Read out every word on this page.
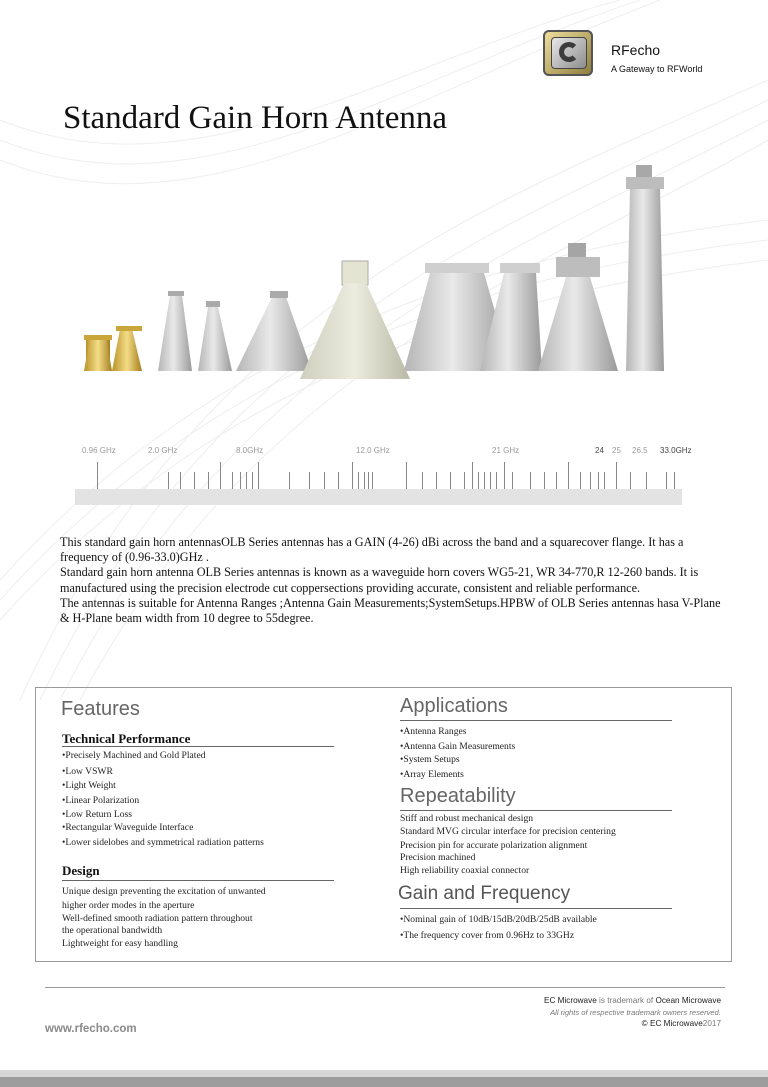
RFecho
A Gateway to RFWorld
Standard Gain Horn Antenna
0.96 GHz	2.0 GHz	8.0GHz	12.0 GHz	21 GHz	24 25 26.5 33.0GHz

This standard gain horn antennasOLB Series antennas has a GAIN (4-26) dBi across the band and a squarecover flange. It has a frequency of (0.96-33.0)GHz .

Standard gain horn antenna OLB Series antennas is known as a waveguide horn covers WG5-21, WR 34-770,R 12-260 bands. It is manufactured using the precision electrode cut coppersections providing accurate, consistent and reliable performance.

The antennas is suitable for Antenna Ranges ;Antenna Gain Measurements;SystemSetups.HPBW of OLB Series antennas hasa V-Plane & H-Plane beam width from 10 degree to 55degree.

Features
Technical Performance
•Precisely Machined and Gold Plated
•Low VSWR
•Light Weight
•Linear Polarization
•Low Return Loss
•Rectangular Waveguide Interface
•Lower sidelobes and symmetrical radiation patterns
Design
Unique design preventing the excitation of unwanted
higher order modes in the aperture
Well-defined smooth radiation pattern throughout
the operational bandwidth
Lightweight for easy handling
Applications
•Antenna Ranges
•Antenna Gain Measurements
•System Setups
•Array Elements
Repeatability
Stiff and robust mechanical design
Standard MVG circular interface for precision centering
Precision pin for accurate polarization alignment
Precision machined
High reliability coaxial connector
Gain and Frequency
•Nominal gain of 10dB/15dB/20dB/25dB available
•The frequency cover from 0.96Hz to 33GHz
EC Microwave is trademark of Ocean Microwave
All rights of respective trademark owners reserved.
© EC Microwave2017
www.rfecho.com
